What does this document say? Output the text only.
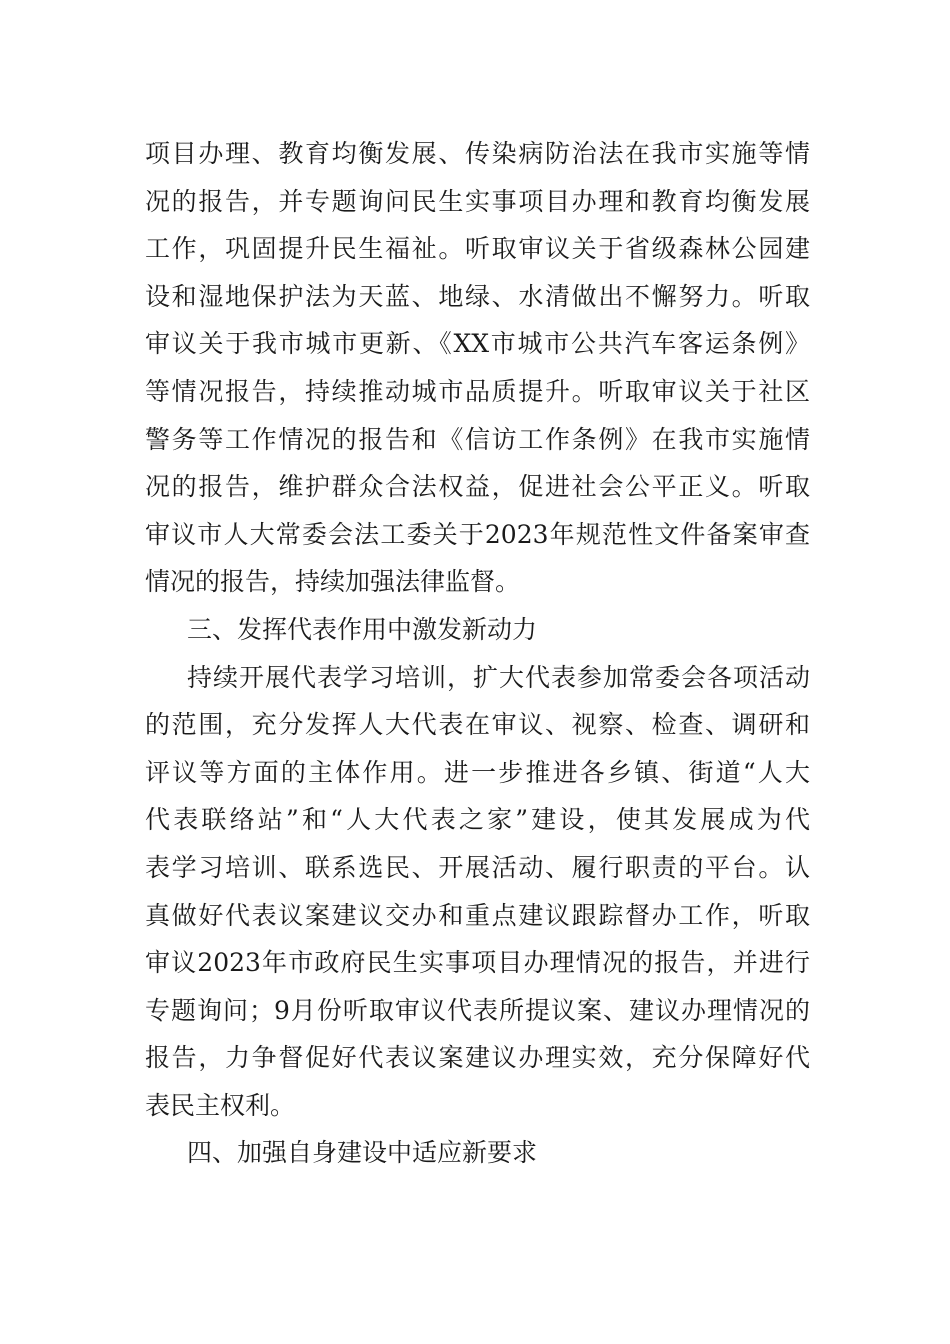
项目办理、教育均衡发展、传染病防治法在我市实施等情
况的报告，并专题询问民生实事项目办理和教育均衡发展
工作，巩固提升民生福祉。听取审议关于省级森林公园建
设和湿地保护法为天蓝、地绿、水清做出不懈努力。听取
审议关于我市城市更新、《XX市城市公共汽车客运条例》
等情况报告，持续推动城市品质提升。听取审议关于社区
警务等工作情况的报告和《信访工作条例》在我市实施情
况的报告，维护群众合法权益，促进社会公平正义。听取
审议市人大常委会法工委关于2023年规范性文件备案审查
情况的报告，持续加强法律监督。
三、发挥代表作用中激发新动力
持续开展代表学习培训，扩大代表参加常委会各项活动
的范围，充分发挥人大代表在审议、视察、检查、调研和
评议等方面的主体作用。进一步推进各乡镇、街道“人大
代表联络站”和“人大代表之家”建设，使其发展成为代
表学习培训、联系选民、开展活动、履行职责的平台。认
真做好代表议案建议交办和重点建议跟踪督办工作，听取
审议2023年市政府民生实事项目办理情况的报告，并进行
专题询问；9月份听取审议代表所提议案、建议办理情况的
报告，力争督促好代表议案建议办理实效，充分保障好代
表民主权利。
四、加强自身建设中适应新要求
